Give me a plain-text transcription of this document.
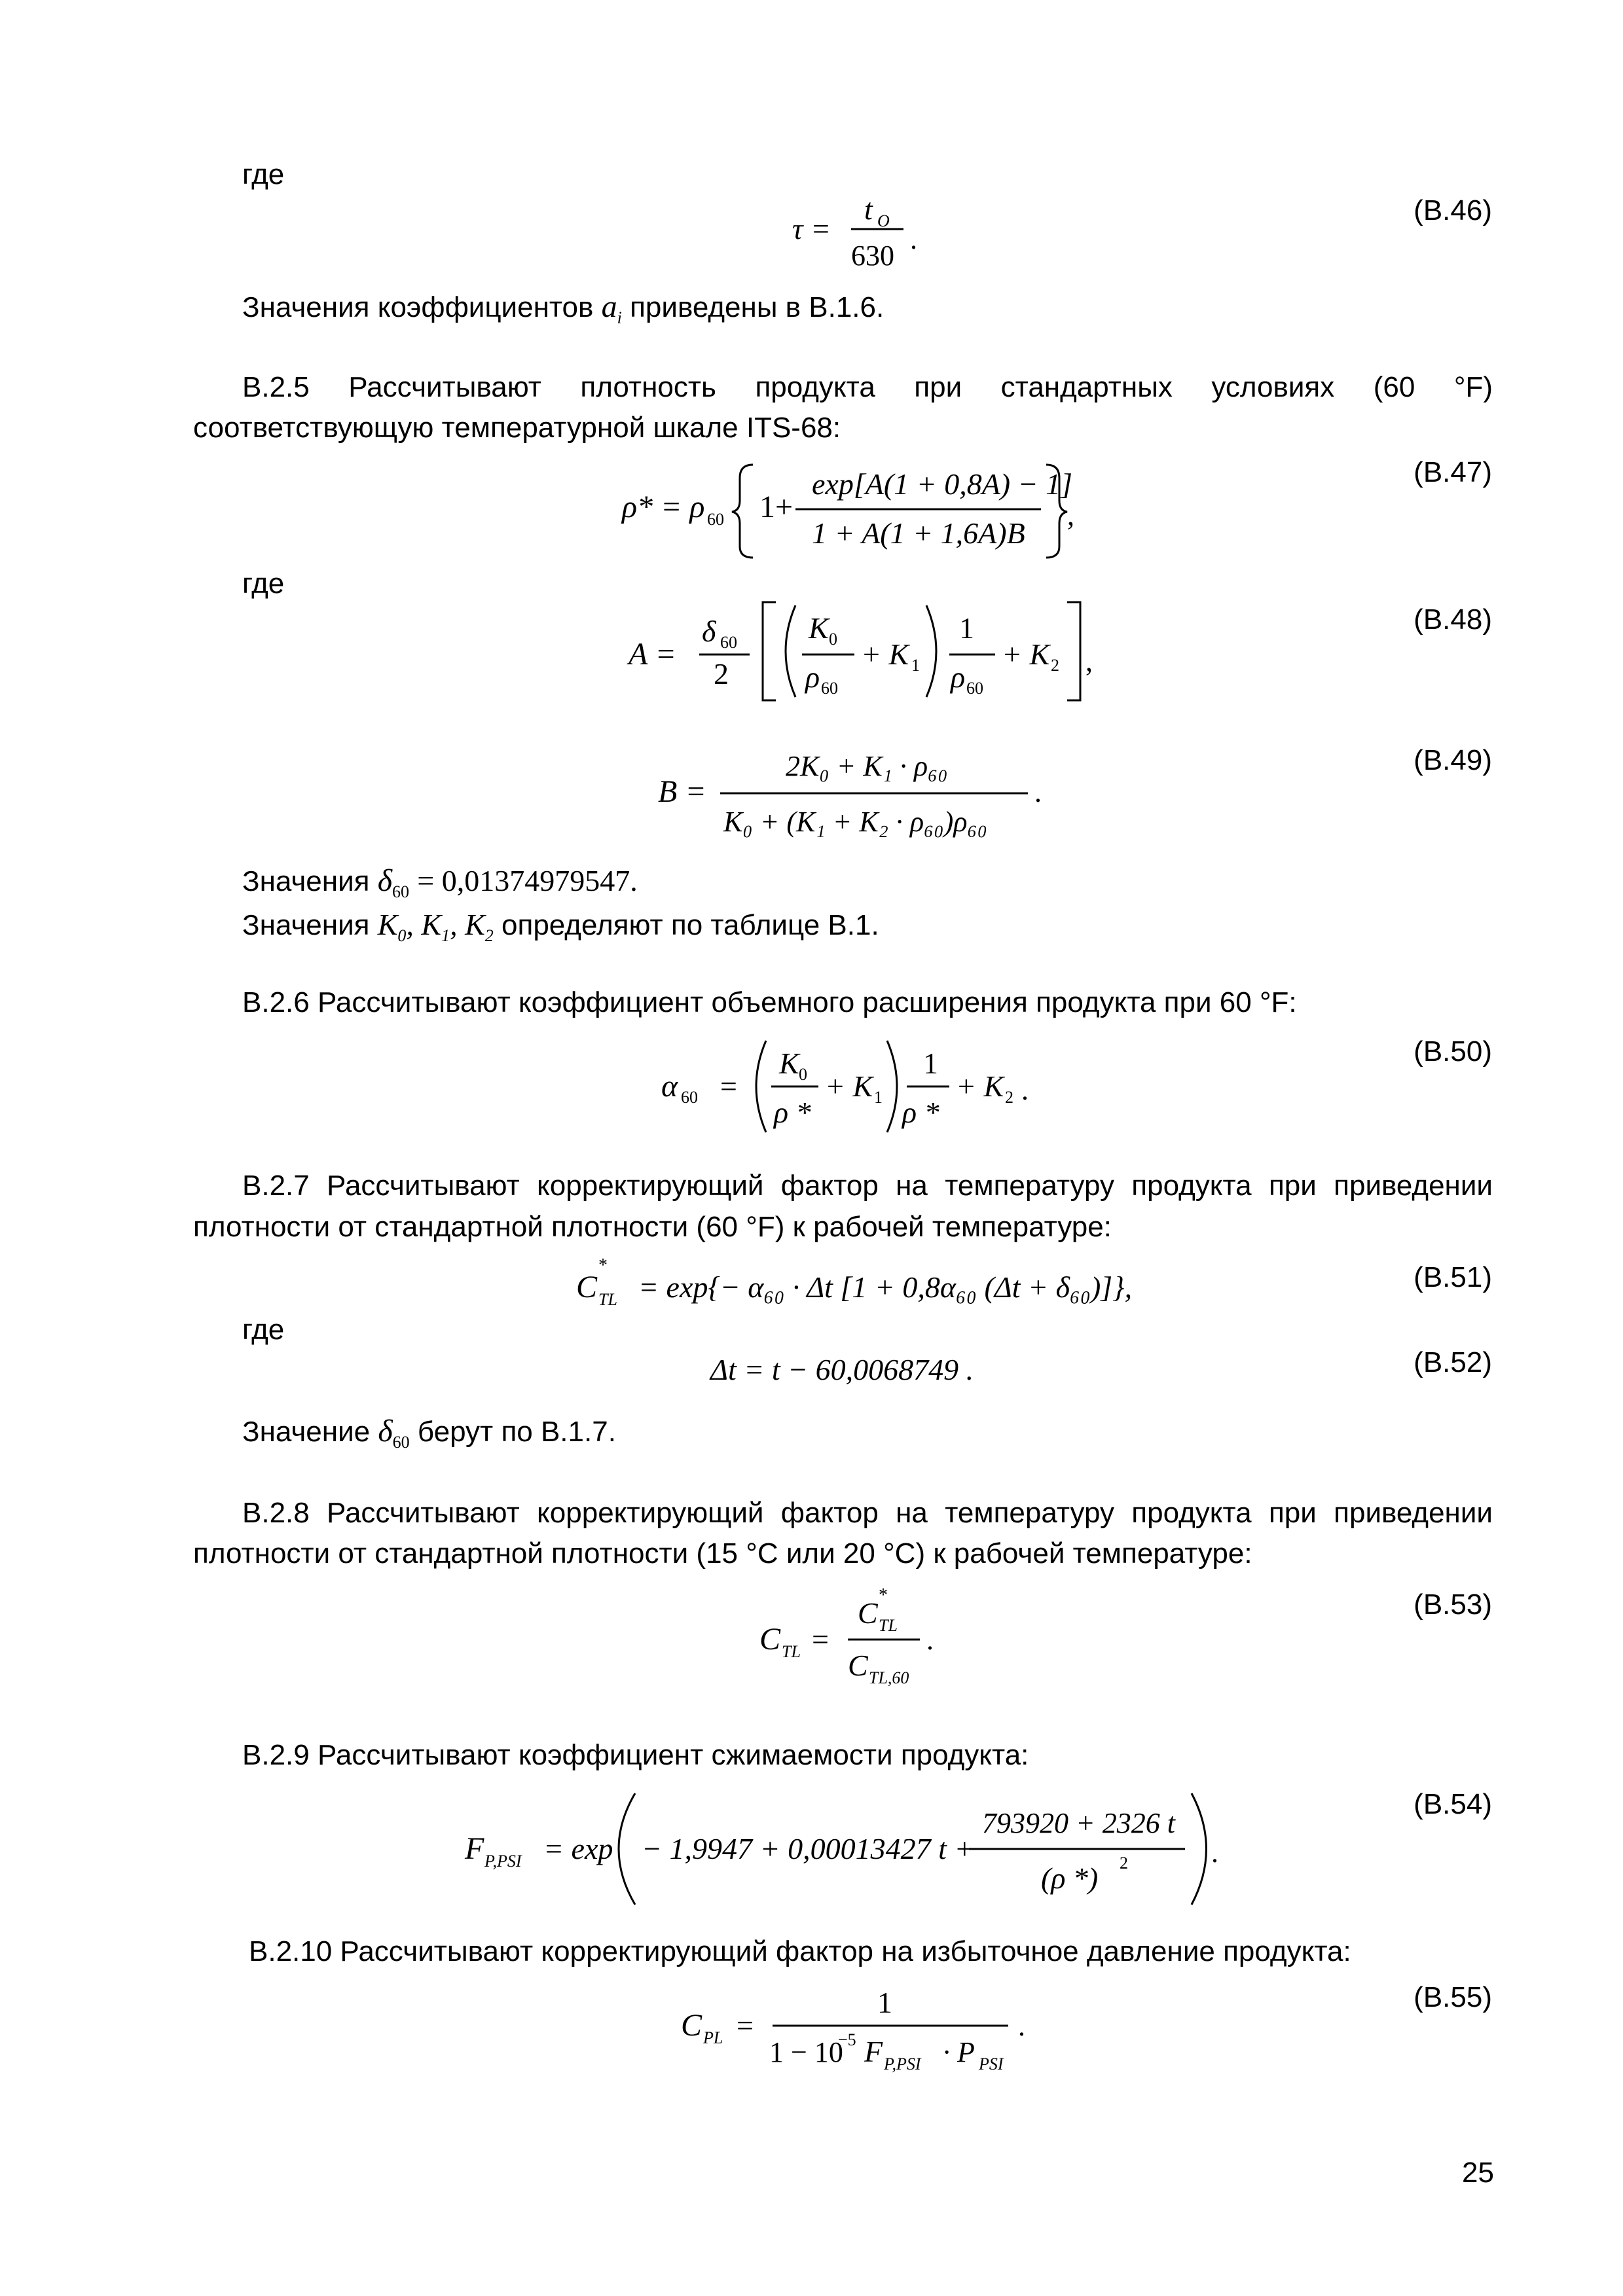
где
τ =
t O
630
.
(В.46)
Значения коэффициентов $a_i$ приведены в В.1.6.
В.2.5 Рассчитывают плотность продукта при стандартных условиях (60 °F)
соответствующую температурной шкале ITS-68:
ρ* = ρ 60 1+
exp[A(1 + 0,8A) − 1]
1 + A(1 + 1,6A)B
,
(В.47)
где
A =
δ 60
2
K 0
ρ 60
+ K 1
1
ρ 60
+ K 2 ,
(В.48)
B =
2K₀ + K₁ · ρ₆₀
K₀ + (K₁ + K₂ · ρ₆₀)ρ₆₀
.
(В.49)
Значения $\delta_{60} = 0,01374979547$.
Значения $K_0$, $K_1$, $K_2$ определяют по таблице В.1.
В.2.6 Рассчитывают коэффициент объемного расширения продукта при 60 °F:
α 60 =
K 0
ρ *
+ K 1
1
ρ *
+ K 2 .
(В.50)
В.2.7 Рассчитывают корректирующий фактор на температуру продукта при приведении
плотности от стандартной плотности (60 °F) к рабочей температуре:
C
*
TL = exp{− α₆₀ · Δt [1 + 0,8α₆₀ (Δt + δ₆₀)]},	(В.51)
где
Δt = t − 60,0068749 .	(В.52)
Значение $\delta_{60}$ берут по В.1.7.
В.2.8 Рассчитывают корректирующий фактор на температуру продукта при приведении
плотности от стандартной плотности (15 °С или 20 °С) к рабочей температуре:
C TL =
C
*
TL
C TL,60
.
(В.53)
В.2.9 Рассчитывают коэффициент сжимаемости продукта:
F P,PSI = exp − 1,9947 + 0,00013427 t +
793920 + 2326 t
(ρ *) 2	.
(В.54)
В.2.10 Рассчитывают корректирующий фактор на избыточное давление продукта:
C PL =
1
1 − 10
−5 F P,PSI · P PSI
.
(В.55)
25
